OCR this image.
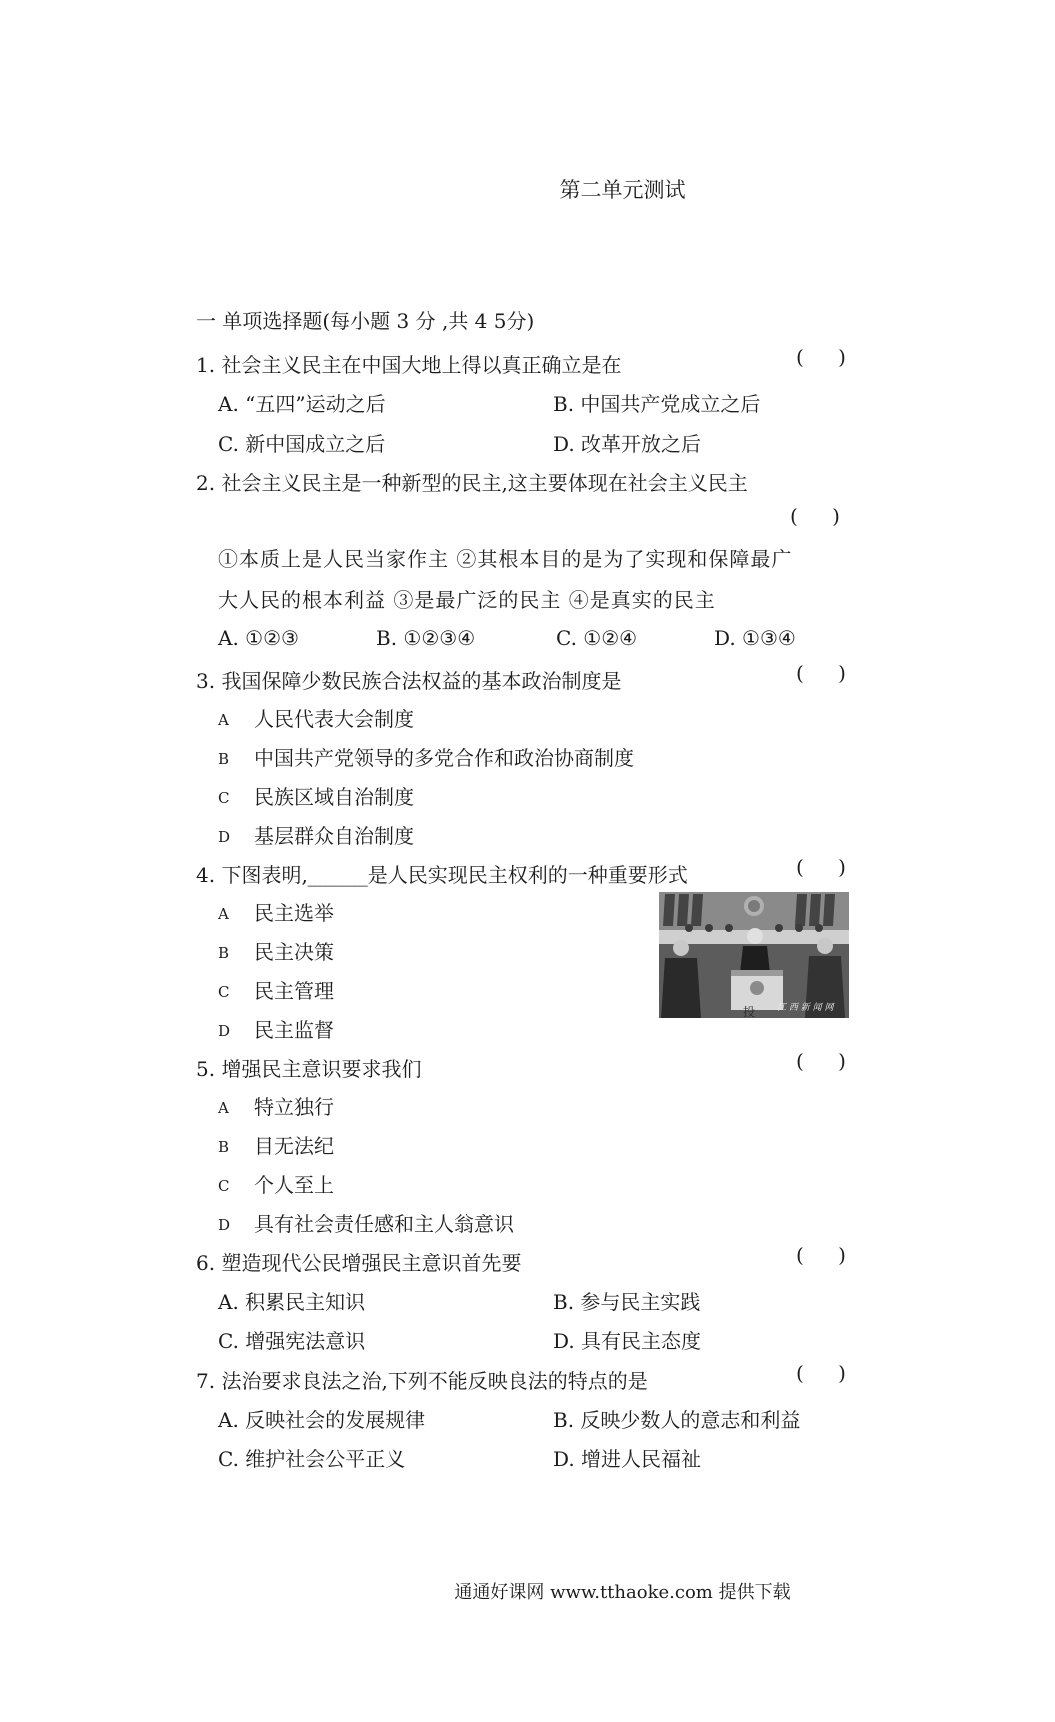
第二单元测试
一 单项选择题(每小题 3 分 ,共 4 5分)
1. 社会主义民主在中国大地上得以真正确立是在	( )
A. “五四”运动之后	B. 中国共产党成立之后
C. 新中国成立之后	D. 改革开放之后
2. 社会主义民主是一种新型的民主,这主要体现在社会主义民主
( )
①本质上是人民当家作主 ②其根本目的是为了实现和保障最广
大人民的根本利益 ③是最广泛的民主 ④是真实的民主
A. ①②③	B. ①②③④	C. ①②④	D. ①③④
3. 我国保障少数民族合法权益的基本政治制度是	( )
A 人民代表大会制度
B 中国共产党领导的多党合作和政治协商制度
C 民族区域自治制度
D 基层群众自治制度
4. 下图表明,______是人民实现民主权利的一种重要形式	( )
A 民主选举
B 民主决策
C 民主管理
D 民主监督
投 江 西 新 闻 网
5. 增强民主意识要求我们	( )
A 特立独行
B 目无法纪
C 个人至上
D 具有社会责任感和主人翁意识
6. 塑造现代公民增强民主意识首先要	( )
A. 积累民主知识	B. 参与民主实践
C. 增强宪法意识	D. 具有民主态度
7. 法治要求良法之治,下列不能反映良法的特点的是	( )
A. 反映社会的发展规律	B. 反映少数人的意志和利益
C. 维护社会公平正义	D. 增进人民福祉
通通好课网 www.tthaoke.com 提供下载
